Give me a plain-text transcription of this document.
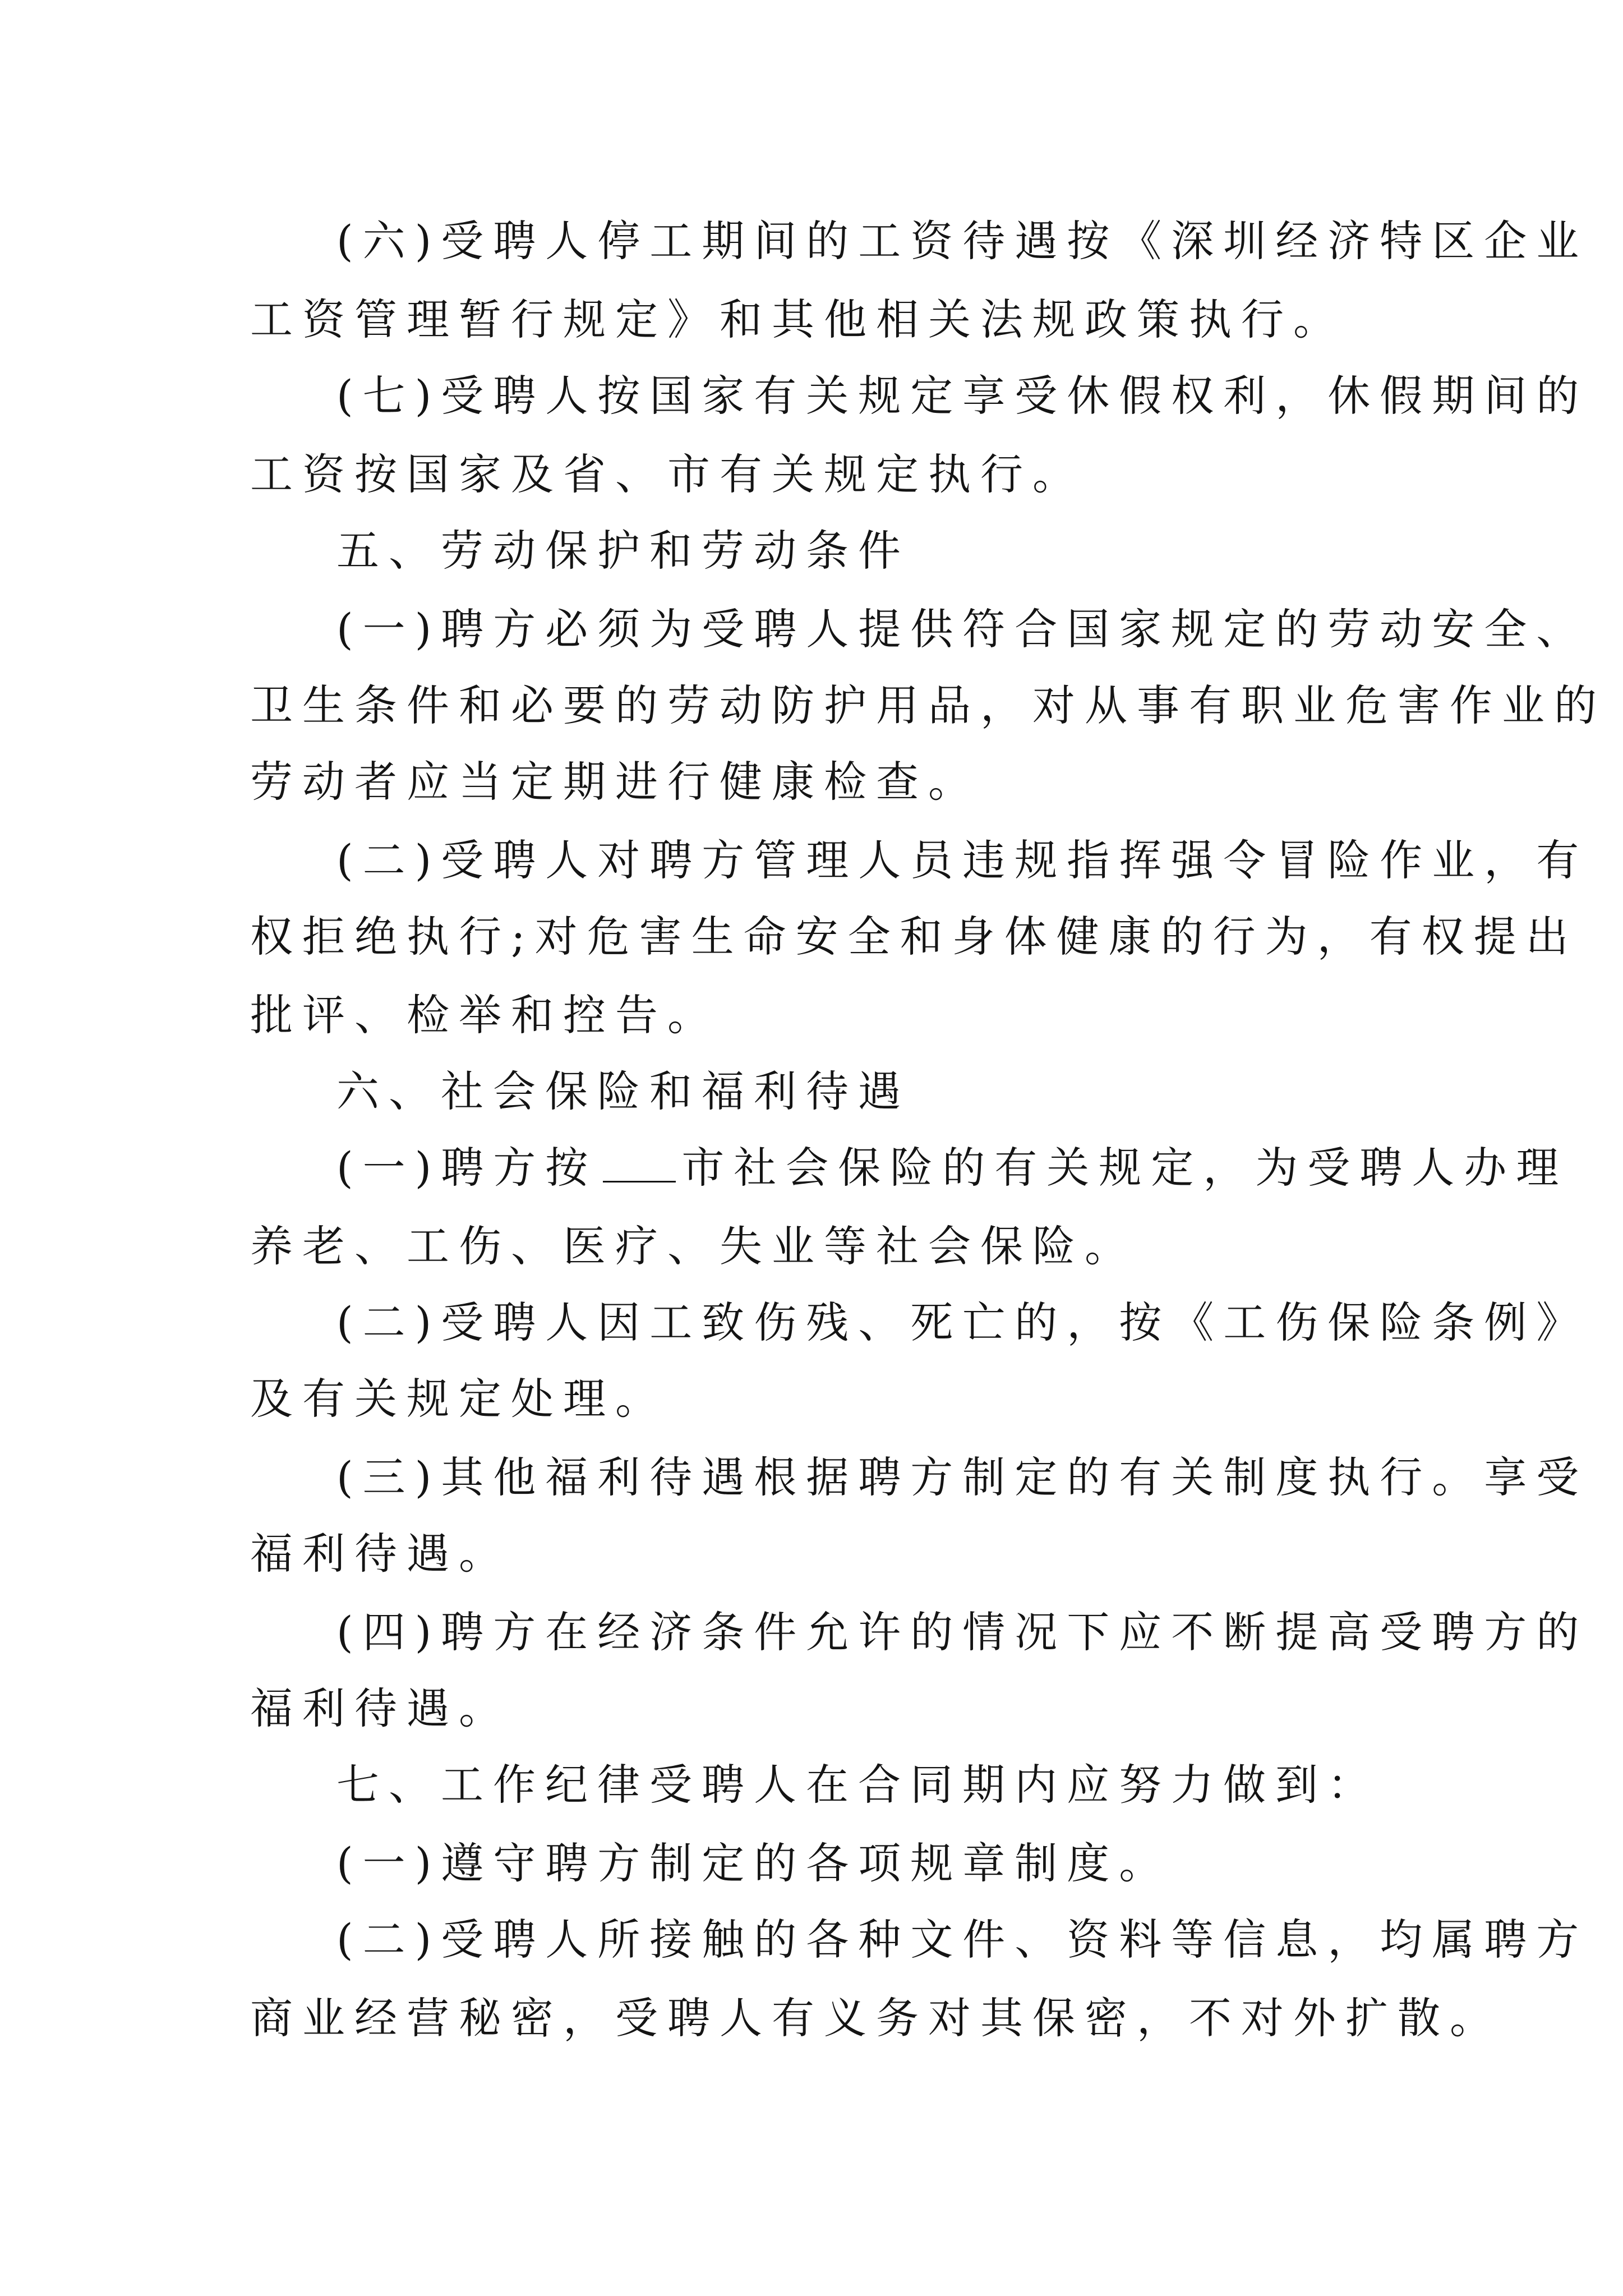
(六)受聘人停工期间的工资待遇按《深圳经济特区企业
工资管理暂行规定》和其他相关法规政策执行。
(七)受聘人按国家有关规定享受休假权利，休假期间的
工资按国家及省、市有关规定执行。
五、劳动保护和劳动条件
(一)聘方必须为受聘人提供符合国家规定的劳动安全、
卫生条件和必要的劳动防护用品，对从事有职业危害作业的
劳动者应当定期进行健康检查。
(二)受聘人对聘方管理人员违规指挥强令冒险作业，有
权拒绝执行;对危害生命安全和身体健康的行为，有权提出
批评、检举和控告。
六、社会保险和福利待遇
(一)聘方按 市社会保险的有关规定，为受聘人办理
养老、工伤、医疗、失业等社会保险。
(二)受聘人因工致伤残、死亡的，按《工伤保险条例》
及有关规定处理。
(三)其他福利待遇根据聘方制定的有关制度执行。享受
福利待遇。
(四)聘方在经济条件允许的情况下应不断提高受聘方的
福利待遇。
七、工作纪律受聘人在合同期内应努力做到：
(一)遵守聘方制定的各项规章制度。
(二)受聘人所接触的各种文件、资料等信息，均属聘方
商业经营秘密，受聘人有义务对其保密，不对外扩散。
